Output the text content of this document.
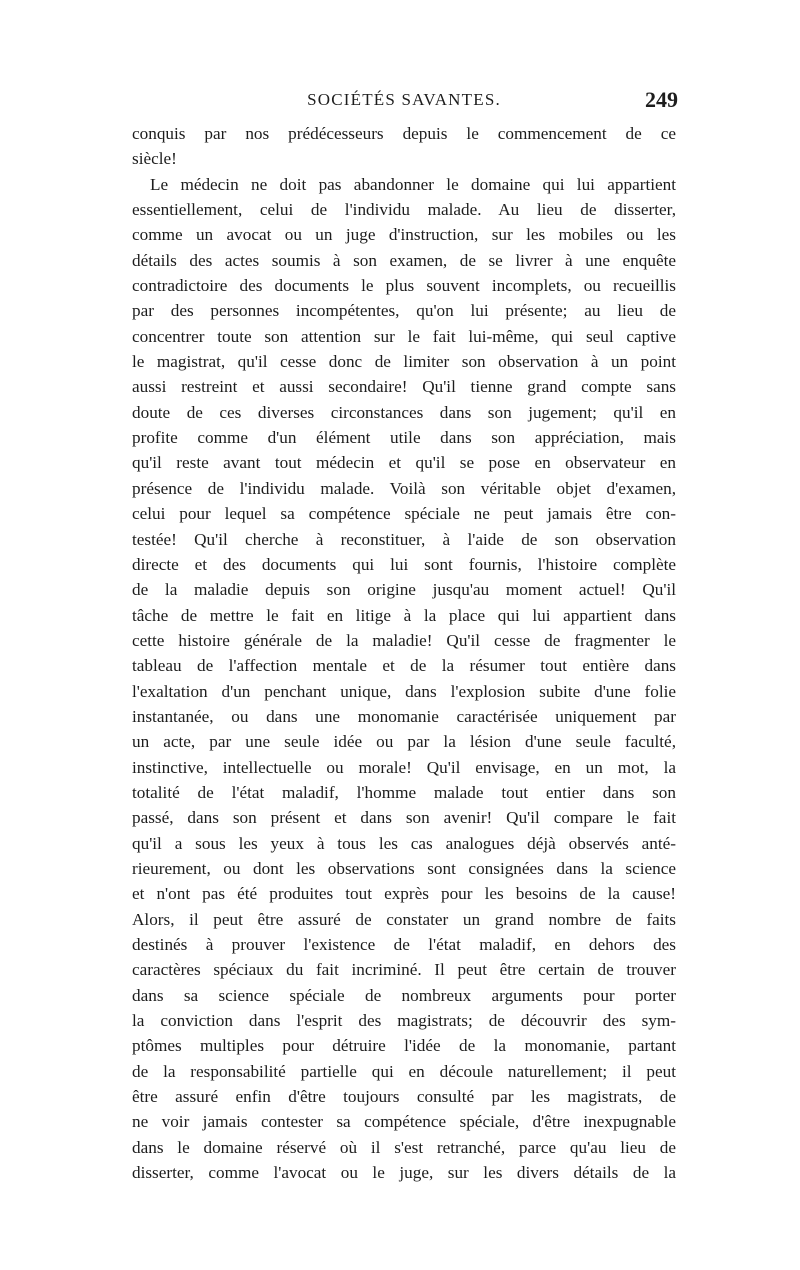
SOCIÉTÉS SAVANTES.	249
conquis par nos prédécesseurs depuis le commencement de ce
siècle!
Le médecin ne doit pas abandonner le domaine qui lui appartient
essentiellement, celui de l'individu malade. Au lieu de disserter,
comme un avocat ou un juge d'instruction, sur les mobiles ou les
détails des actes soumis à son examen, de se livrer à une enquête
contradictoire des documents le plus souvent incomplets, ou recueillis
par des personnes incompétentes, qu'on lui présente; au lieu de
concentrer toute son attention sur le fait lui-même, qui seul captive
le magistrat, qu'il cesse donc de limiter son observation à un point
aussi restreint et aussi secondaire! Qu'il tienne grand compte sans
doute de ces diverses circonstances dans son jugement; qu'il en
profite comme d'un élément utile dans son appréciation, mais
qu'il reste avant tout médecin et qu'il se pose en observateur en
présence de l'individu malade. Voilà son véritable objet d'examen,
celui pour lequel sa compétence spéciale ne peut jamais être con-
testée! Qu'il cherche à reconstituer, à l'aide de son observation
directe et des documents qui lui sont fournis, l'histoire complète
de la maladie depuis son origine jusqu'au moment actuel! Qu'il
tâche de mettre le fait en litige à la place qui lui appartient dans
cette histoire générale de la maladie! Qu'il cesse de fragmenter le
tableau de l'affection mentale et de la résumer tout entière dans
l'exaltation d'un penchant unique, dans l'explosion subite d'une folie
instantanée, ou dans une monomanie caractérisée uniquement par
un acte, par une seule idée ou par la lésion d'une seule faculté,
instinctive, intellectuelle ou morale! Qu'il envisage, en un mot, la
totalité de l'état maladif, l'homme malade tout entier dans son
passé, dans son présent et dans son avenir! Qu'il compare le fait
qu'il a sous les yeux à tous les cas analogues déjà observés anté-
rieurement, ou dont les observations sont consignées dans la science
et n'ont pas été produites tout exprès pour les besoins de la cause!
Alors, il peut être assuré de constater un grand nombre de faits
destinés à prouver l'existence de l'état maladif, en dehors des
caractères spéciaux du fait incriminé. Il peut être certain de trouver
dans sa science spéciale de nombreux arguments pour porter
la conviction dans l'esprit des magistrats; de découvrir des sym-
ptômes multiples pour détruire l'idée de la monomanie, partant
de la responsabilité partielle qui en découle naturellement; il peut
être assuré enfin d'être toujours consulté par les magistrats, de
ne voir jamais contester sa compétence spéciale, d'être inexpugnable
dans le domaine réservé où il s'est retranché, parce qu'au lieu de
disserter, comme l'avocat ou le juge, sur les divers détails de la
